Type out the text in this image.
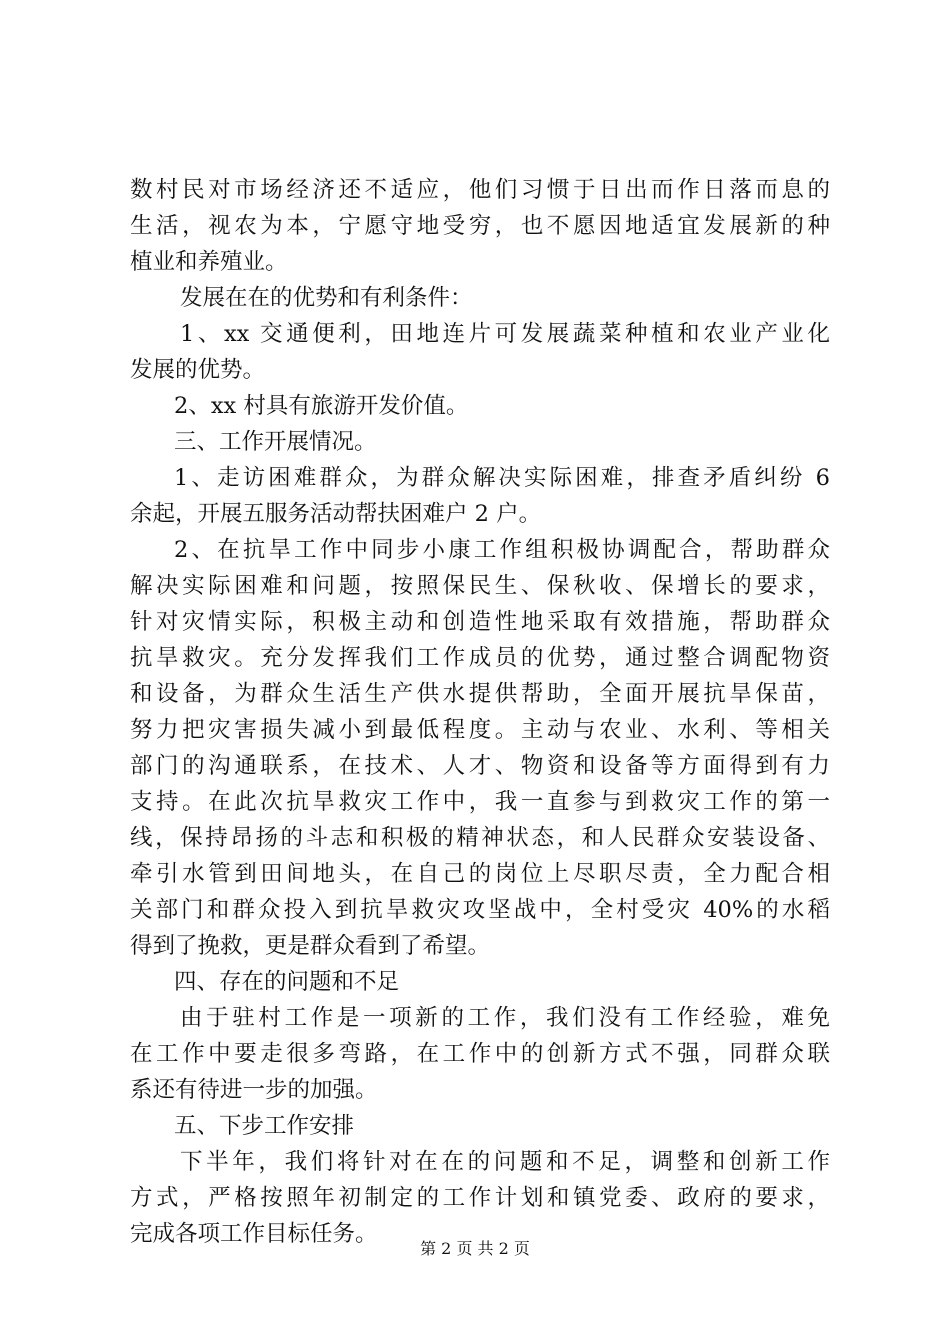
数村民对市场经济还不适应，他们习惯于日出而作日落而息的
生活，视农为本，宁愿守地受穷，也不愿因地适宜发展新的种
植业和养殖业。
发展在在的优势和有利条件：
1、xx 交通便利，田地连片可发展蔬菜种植和农业产业化
发展的优势。
2、xx 村具有旅游开发价值。
三、工作开展情况。
1、走访困难群众，为群众解决实际困难，排查矛盾纠纷 6
余起，开展五服务活动帮扶困难户 2 户。
2、在抗旱工作中同步小康工作组积极协调配合，帮助群众
解决实际困难和问题，按照保民生、保秋收、保增长的要求，
针对灾情实际，积极主动和创造性地采取有效措施，帮助群众
抗旱救灾。充分发挥我们工作成员的优势，通过整合调配物资
和设备，为群众生活生产供水提供帮助，全面开展抗旱保苗，
努力把灾害损失减小到最低程度。主动与农业、水利、等相关
部门的沟通联系，在技术、人才、物资和设备等方面得到有力
支持。在此次抗旱救灾工作中，我一直参与到救灾工作的第一
线，保持昂扬的斗志和积极的精神状态，和人民群众安装设备、
牵引水管到田间地头，在自己的岗位上尽职尽责，全力配合相
关部门和群众投入到抗旱救灾攻坚战中，全村受灾 40%的水稻
得到了挽救，更是群众看到了希望。
四、存在的问题和不足
由于驻村工作是一项新的工作，我们没有工作经验，难免
在工作中要走很多弯路，在工作中的创新方式不强，同群众联
系还有待进一步的加强。
五、下步工作安排
下半年，我们将针对在在的问题和不足，调整和创新工作
方式，严格按照年初制定的工作计划和镇党委、政府的要求，
完成各项工作目标任务。
第 2 页 共 2 页
